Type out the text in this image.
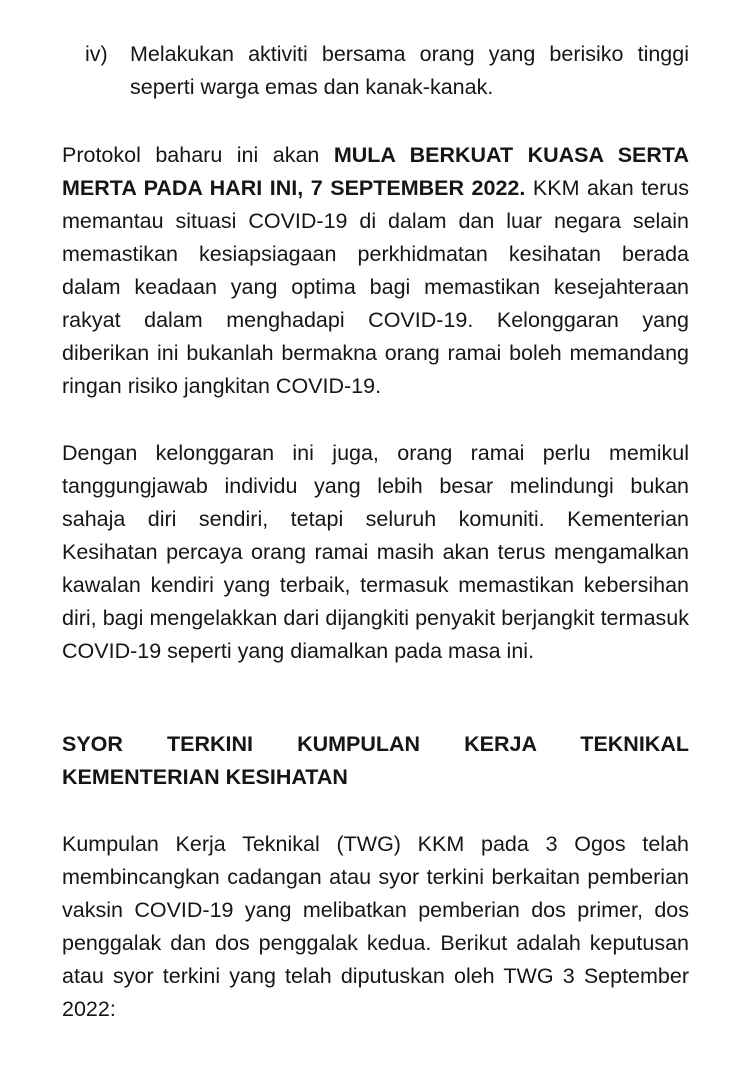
iv)	Melakukan aktiviti bersama orang yang berisiko tinggi seperti warga emas dan kanak-kanak.

Protokol baharu ini akan MULA BERKUAT KUASA SERTA MERTA PADA HARI INI, 7 SEPTEMBER 2022. KKM akan terus memantau situasi COVID-19 di dalam dan luar negara selain memastikan kesiapsiagaan perkhidmatan kesihatan berada dalam keadaan yang optima bagi memastikan kesejahteraan rakyat dalam menghadapi COVID-19. Kelonggaran yang diberikan ini bukanlah bermakna orang ramai boleh memandang ringan risiko jangkitan COVID-19.

Dengan kelonggaran ini juga, orang ramai perlu memikul tanggungjawab individu yang lebih besar melindungi bukan sahaja diri sendiri, tetapi seluruh komuniti. Kementerian Kesihatan percaya orang ramai masih akan terus mengamalkan kawalan kendiri yang terbaik, termasuk memastikan kebersihan diri, bagi mengelakkan dari dijangkiti penyakit berjangkit termasuk COVID-19 seperti yang diamalkan pada masa ini.

SYOR TERKINI KUMPULAN KERJA TEKNIKAL KEMENTERIAN KESIHATAN

Kumpulan Kerja Teknikal (TWG) KKM pada 3 Ogos telah membincangkan cadangan atau syor terkini berkaitan pemberian vaksin COVID-19 yang melibatkan pemberian dos primer, dos penggalak dan dos penggalak kedua. Berikut adalah keputusan atau syor terkini yang telah diputuskan oleh TWG 3 September 2022:
